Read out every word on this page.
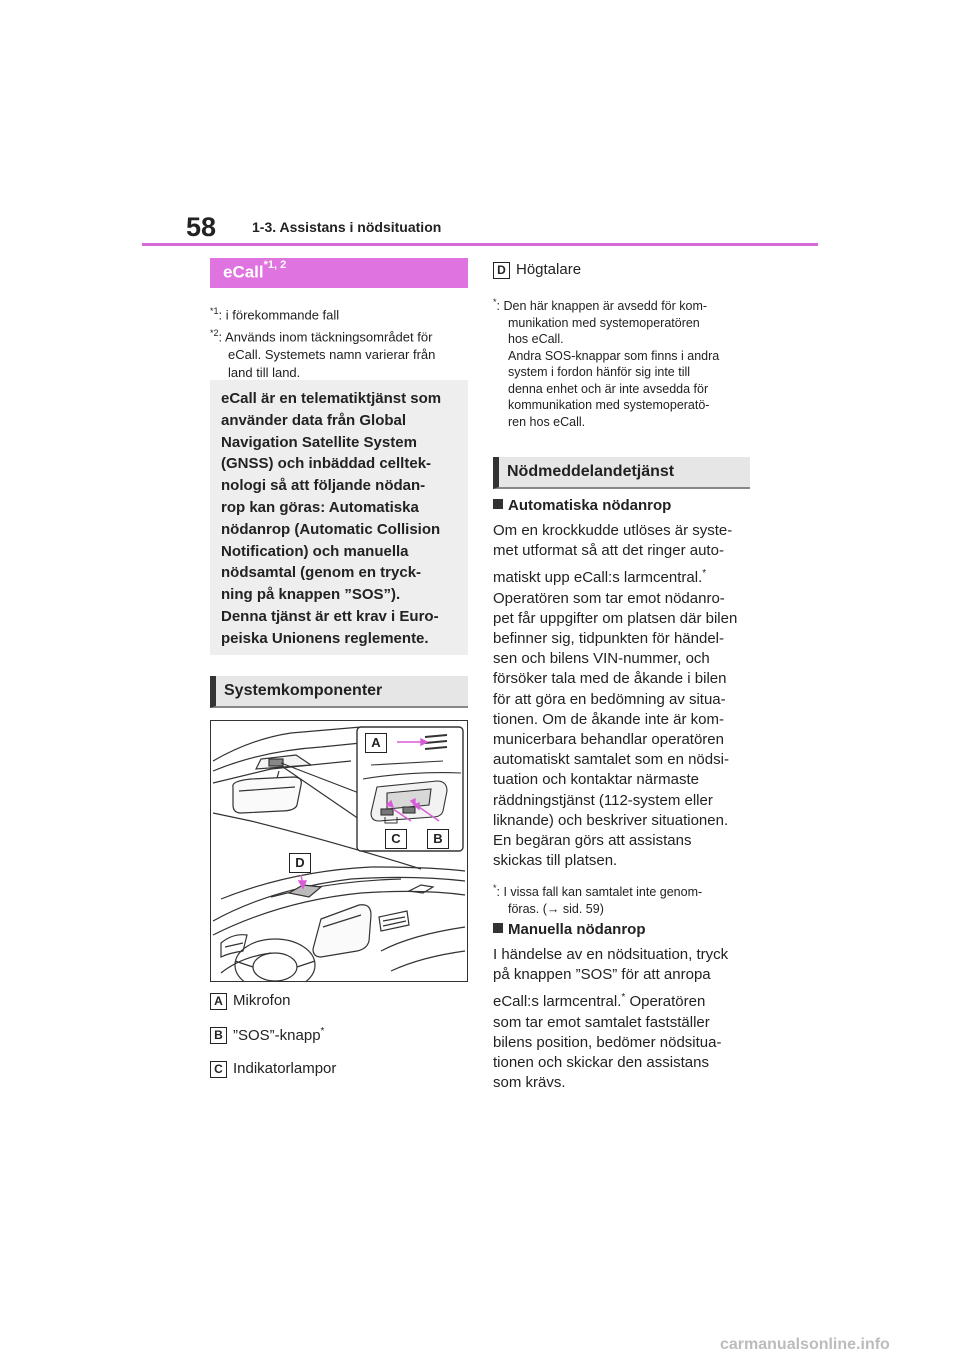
58	1-3. Assistans i nödsituation
eCall$^{*1, 2}$
$^{*1}$: i förekommande fall
$^{*2}$: Används inom täckningsområdet för
eCall. Systemets namn varierar från
land till land.
eCall är en telematiktjänst som
använder data från Global
Navigation Satellite System
(GNSS) och inbäddad celltek-
nologi så att följande nödan-
rop kan göras: Automatiska
nödanrop (Automatic Collision
Notification) och manuella
nödsamtal (genom en tryck-
ning på knappen ”SOS”).
Denna tjänst är ett krav i Euro-
peiska Unionens reglemente.
Systemkomponenter
A
C	B
D
A Mikrofon
B ”SOS”-knapp*
C Indikatorlampor
D Högtalare
*: Den här knappen är avsedd för kom-
munikation med systemoperatören
hos eCall.
Andra SOS-knappar som finns i andra
system i fordon hänför sig inte till
denna enhet och är inte avsedda för
kommunikation med systemoperatö-
ren hos eCall.
Nödmeddelandetjänst
Automatiska nödanrop
Om en krockkudde utlöses är syste-
met utformat så att det ringer auto-
matiskt upp eCall:s larmcentral.*
Operatören som tar emot nödanro-
pet får uppgifter om platsen där bilen
befinner sig, tidpunkten för händel-
sen och bilens VIN-nummer, och
försöker tala med de åkande i bilen
för att göra en bedömning av situa-
tionen. Om de åkande inte är kom-
municerbara behandlar operatören
automatiskt samtalet som en nödsi-
tuation och kontaktar närmaste
räddningstjänst (112-system eller
liknande) och beskriver situationen.
En begäran görs att assistans
skickas till platsen.
*: I vissa fall kan samtalet inte genom-
föras. (→ sid. 59)
Manuella nödanrop
I händelse av en nödsituation, tryck
på knappen ”SOS” för att anropa
eCall:s larmcentral.* Operatören
som tar emot samtalet fastställer
bilens position, bedömer nödsitua-
tionen och skickar den assistans
som krävs.
carmanualsonline.info
